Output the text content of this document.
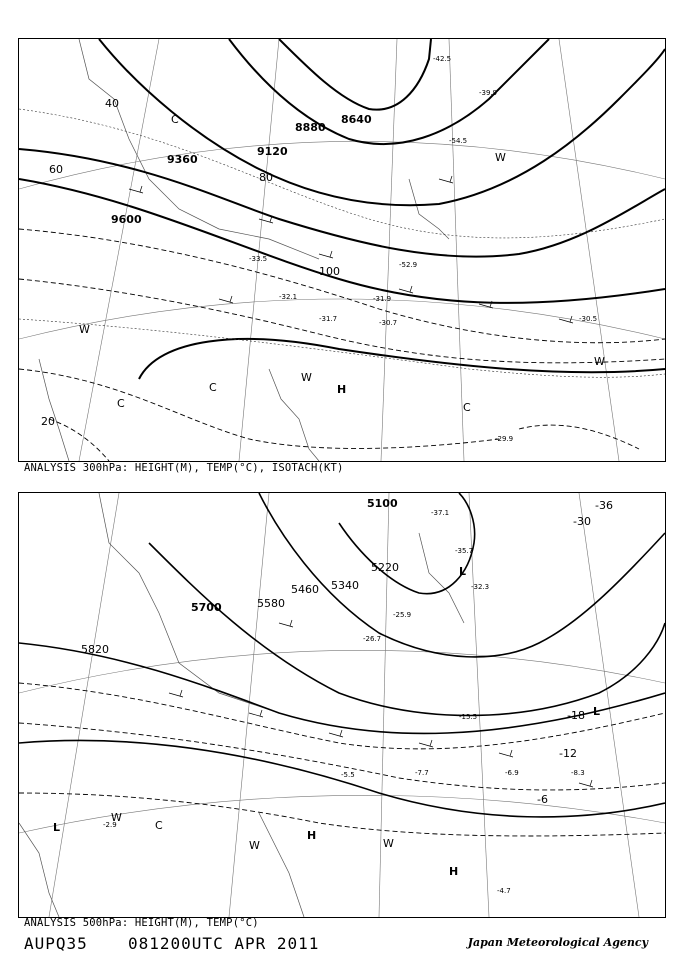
9600
9360
9120
8880
8640
20
40
60
80
100
C
C
C	C
W
W
W
W
H
-30.7
-31.7
-31.9
-32.1
-29.9
-30.5
-33.5
-52.9
-54.5
-42.5
-39.9
ANALYSIS 300hPa: HEIGHT(M), TEMP(°C), ISOTACH(KT)
5100
5220
5340
5460
5580
5700
5820
-6
-12
-18
-36
-30
L
L
L
H
H
W
W	W
C
-6.9	-8.3
-7.7
-5.5
-15.5
-4.7
-32.3
-35.7
-37.1
-25.9
-26.7
-2.9
ANALYSIS 500hPa: HEIGHT(M), TEMP(°C)
AUPQ35	081200UTC APR 2011	Japan Meteorological Agency
